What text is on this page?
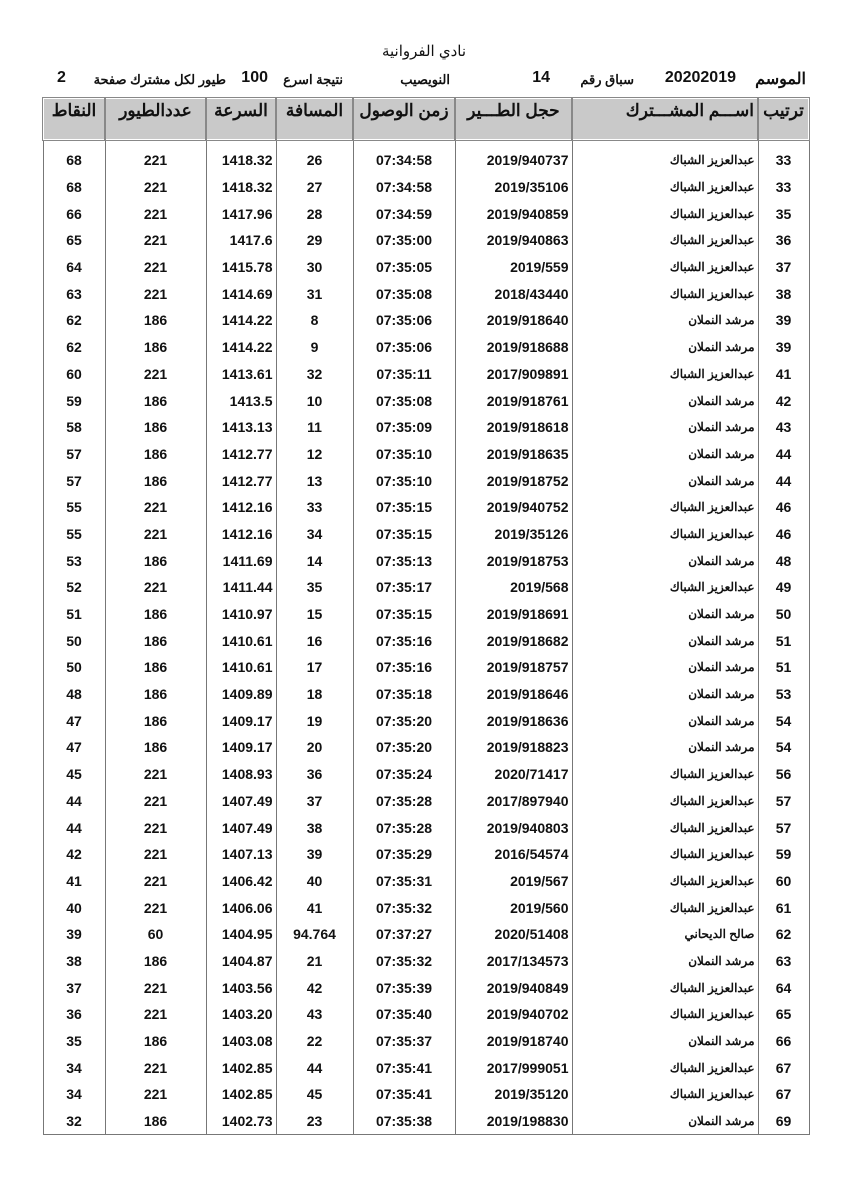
نادي الفروانية
الموسم
20202019
سباق رقم
14
النويصيب
نتيجة اسرع
100
طيور لكل مشترك صفحة
2
النقاط	عددالطيور	السرعة	المسافة	زمن الوصول	حجل الطـــير	اســـم المشـــترك	ترتيب

68	221	1418.32	26	07:34:58	2019/940737	عبدالعزيز الشباك	33
68	221	1418.32	27	07:34:58	2019/35106	عبدالعزيز الشباك	33
66	221	1417.96	28	07:34:59	2019/940859	عبدالعزيز الشباك	35
65	221	1417.6	29	07:35:00	2019/940863	عبدالعزيز الشباك	36
64	221	1415.78	30	07:35:05	2019/559	عبدالعزيز الشباك	37
63	221	1414.69	31	07:35:08	2018/43440	عبدالعزيز الشباك	38
62	186	1414.22	8	07:35:06	2019/918640	مرشد النملان	39
62	186	1414.22	9	07:35:06	2019/918688	مرشد النملان	39
60	221	1413.61	32	07:35:11	2017/909891	عبدالعزيز الشباك	41
59	186	1413.5	10	07:35:08	2019/918761	مرشد النملان	42
58	186	1413.13	11	07:35:09	2019/918618	مرشد النملان	43
57	186	1412.77	12	07:35:10	2019/918635	مرشد النملان	44
57	186	1412.77	13	07:35:10	2019/918752	مرشد النملان	44
55	221	1412.16	33	07:35:15	2019/940752	عبدالعزيز الشباك	46
55	221	1412.16	34	07:35:15	2019/35126	عبدالعزيز الشباك	46
53	186	1411.69	14	07:35:13	2019/918753	مرشد النملان	48
52	221	1411.44	35	07:35:17	2019/568	عبدالعزيز الشباك	49
51	186	1410.97	15	07:35:15	2019/918691	مرشد النملان	50
50	186	1410.61	16	07:35:16	2019/918682	مرشد النملان	51
50	186	1410.61	17	07:35:16	2019/918757	مرشد النملان	51
48	186	1409.89	18	07:35:18	2019/918646	مرشد النملان	53
47	186	1409.17	19	07:35:20	2019/918636	مرشد النملان	54
47	186	1409.17	20	07:35:20	2019/918823	مرشد النملان	54
45	221	1408.93	36	07:35:24	2020/71417	عبدالعزيز الشباك	56
44	221	1407.49	37	07:35:28	2017/897940	عبدالعزيز الشباك	57
44	221	1407.49	38	07:35:28	2019/940803	عبدالعزيز الشباك	57
42	221	1407.13	39	07:35:29	2016/54574	عبدالعزيز الشباك	59
41	221	1406.42	40	07:35:31	2019/567	عبدالعزيز الشباك	60
40	221	1406.06	41	07:35:32	2019/560	عبدالعزيز الشباك	61
39	60	1404.95	94.764	07:37:27	2020/51408	صالح الديحاني	62
38	186	1404.87	21	07:35:32	2017/134573	مرشد النملان	63
37	221	1403.56	42	07:35:39	2019/940849	عبدالعزيز الشباك	64
36	221	1403.20	43	07:35:40	2019/940702	عبدالعزيز الشباك	65
35	186	1403.08	22	07:35:37	2019/918740	مرشد النملان	66
34	221	1402.85	44	07:35:41	2017/999051	عبدالعزيز الشباك	67
34	221	1402.85	45	07:35:41	2019/35120	عبدالعزيز الشباك	67
32	186	1402.73	23	07:35:38	2019/198830	مرشد النملان	69
